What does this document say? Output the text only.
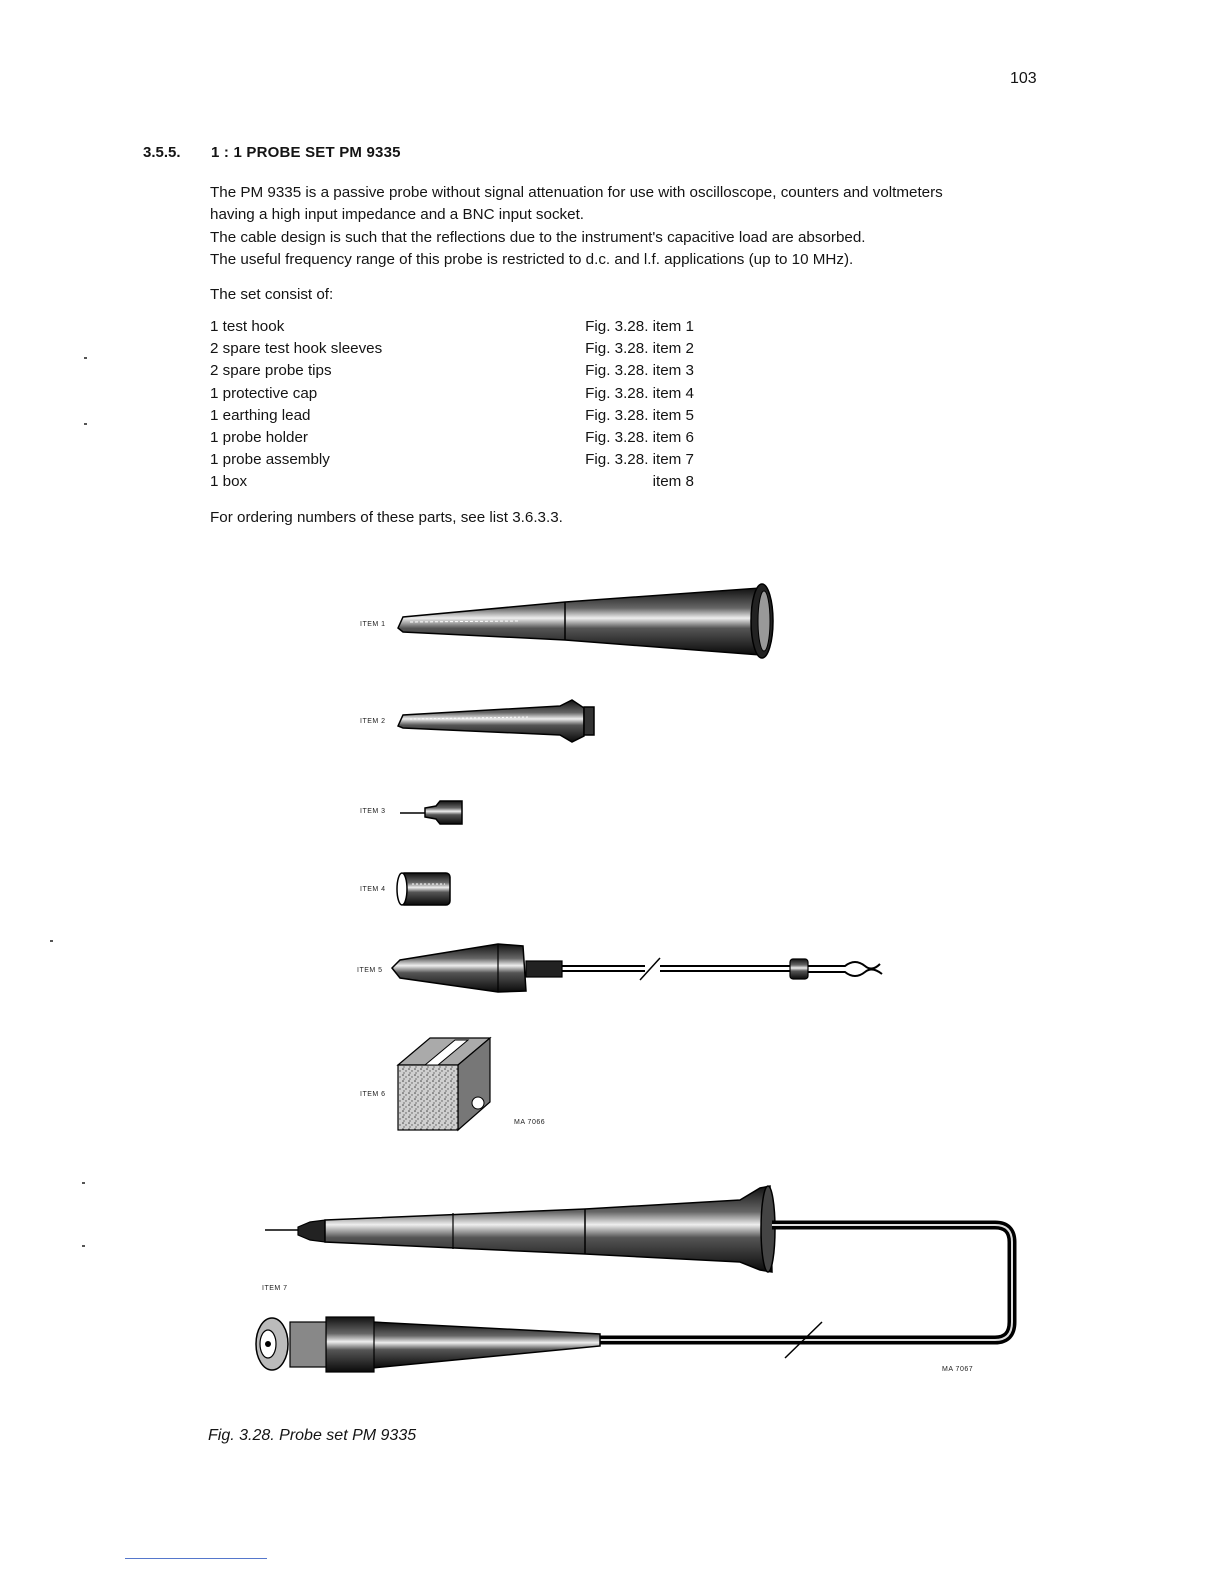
103
3.5.5. 1 : 1 PROBE SET PM 9335

The PM 9335 is a passive probe without signal attenuation for use with oscilloscope, counters and voltmeters

having a high input impedance and a BNC input socket.

The cable design is such that the reflections due to the instrument's capacitive load are absorbed.

The useful frequency range of this probe is restricted to d.c. and l.f. applications (up to 10 MHz).

The set consist of:
1 test hook	Fig. 3.28. item 1
2 spare test hook sleeves	Fig. 3.28. item 2
2 spare probe tips	Fig. 3.28. item 3
1 protective cap	Fig. 3.28. item 4
1 earthing lead	Fig. 3.28. item 5
1 probe holder	Fig. 3.28. item 6
1 probe assembly	Fig. 3.28. item 7
1 box	item 8
For ordering numbers of these parts, see list 3.6.3.3.
ITEM 1
ITEM 2
ITEM 3
ITEM 4
ITEM 5
ITEM 6
MA 7066
ITEM 7
MA 7067
Fig. 3.28. Probe set PM 9335
